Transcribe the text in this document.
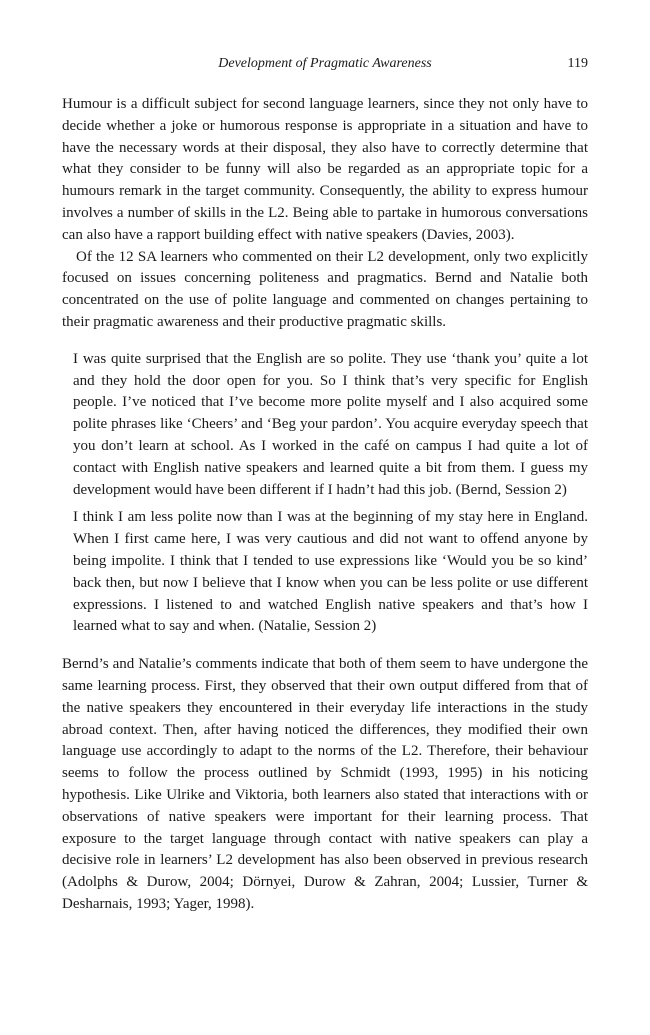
Development of Pragmatic Awareness	119

Humour is a difficult subject for second language learners, since they not only have to decide whether a joke or humorous response is appropriate in a situation and have to have the necessary words at their disposal, they also have to correctly determine that what they consider to be funny will also be regarded as an appropriate topic for a humours remark in the target community. Consequently, the ability to express humour involves a number of skills in the L2. Being able to partake in humorous conversations can also have a rapport building effect with native speakers (Davies, 2003).

Of the 12 SA learners who commented on their L2 development, only two explicitly focused on issues concerning politeness and pragmatics. Bernd and Natalie both concentrated on the use of polite language and commented on changes pertaining to their pragmatic awareness and their productive pragmatic skills.

I was quite surprised that the English are so polite. They use ‘thank you’ quite a lot and they hold the door open for you. So I think that’s very specific for English people. I’ve noticed that I’ve become more polite myself and I also acquired some polite phrases like ‘Cheers’ and ‘Beg your pardon’. You acquire everyday speech that you don’t learn at school. As I worked in the café on campus I had quite a lot of contact with English native speakers and learned quite a bit from them. I guess my development would have been different if I hadn’t had this job. (Bernd, Session 2)

I think I am less polite now than I was at the beginning of my stay here in England. When I first came here, I was very cautious and did not want to offend anyone by being impolite. I think that I tended to use expressions like ‘Would you be so kind’ back then, but now I believe that I know when you can be less polite or use different expressions. I listened to and watched English native speakers and that’s how I learned what to say and when. (Natalie, Session 2)

Bernd’s and Natalie’s comments indicate that both of them seem to have undergone the same learning process. First, they observed that their own output differed from that of the native speakers they encountered in their everyday life interactions in the study abroad context. Then, after having noticed the differences, they modified their own language use accordingly to adapt to the norms of the L2. Therefore, their behaviour seems to follow the process outlined by Schmidt (1993, 1995) in his noticing hypothesis. Like Ulrike and Viktoria, both learners also stated that interactions with or observations of native speakers were important for their learning process. That exposure to the target language through contact with native speakers can play a decisive role in learners’ L2 development has also been observed in previous research (Adolphs & Durow, 2004; Dörnyei, Durow & Zahran, 2004; Lussier, Turner & Desharnais, 1993; Yager, 1998).
